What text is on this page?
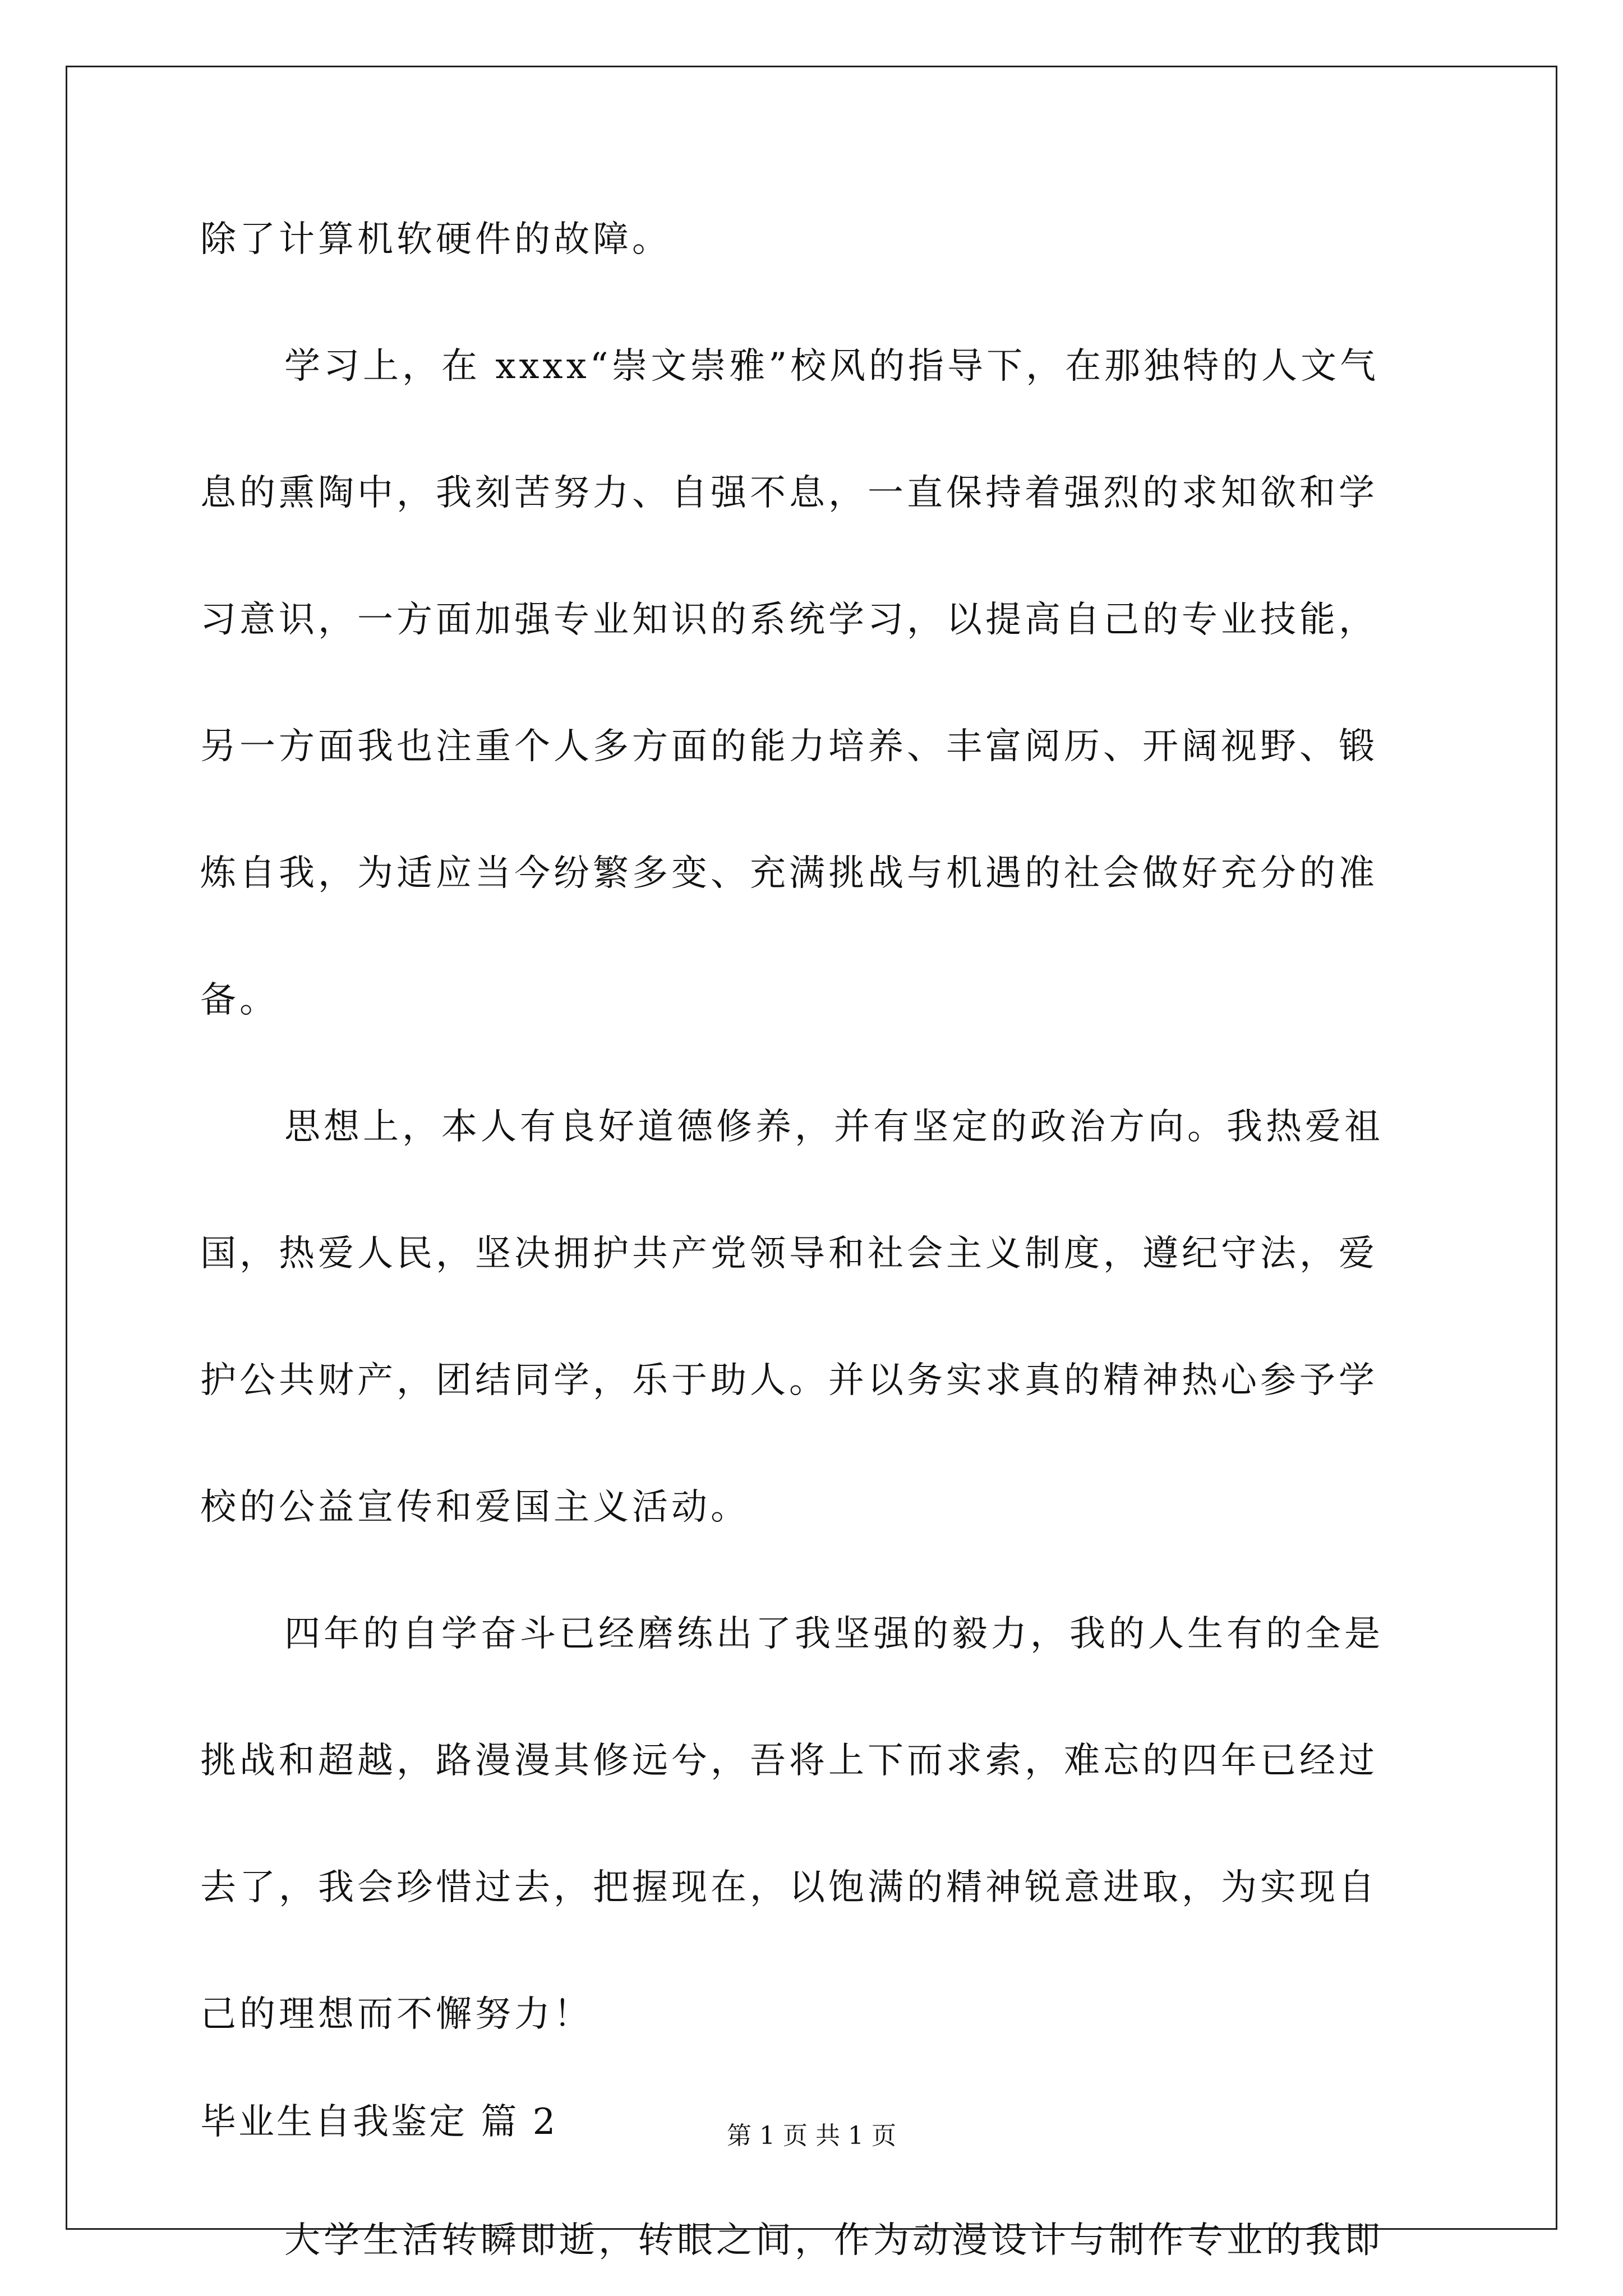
除了计算机软硬件的故障。
学习上，在 xxxx“崇文崇雅”校风的指导下，在那独特的人文气
息的熏陶中，我刻苦努力、自强不息，一直保持着强烈的求知欲和学
习意识，一方面加强专业知识的系统学习，以提高自己的专业技能，
另一方面我也注重个人多方面的能力培养、丰富阅历、开阔视野、锻
炼自我，为适应当今纷繁多变、充满挑战与机遇的社会做好充分的准
备。
思想上，本人有良好道德修养，并有坚定的政治方向。我热爱祖
国，热爱人民，坚决拥护共产党领导和社会主义制度，遵纪守法，爱
护公共财产，团结同学，乐于助人。并以务实求真的精神热心参予学
校的公益宣传和爱国主义活动。
四年的自学奋斗已经磨练出了我坚强的毅力，我的人生有的全是
挑战和超越，路漫漫其修远兮，吾将上下而求索，难忘的四年已经过
去了，我会珍惜过去，把握现在，以饱满的精神锐意进取，为实现自
己的理想而不懈努力！
毕业生自我鉴定 篇 2
大学生活转瞬即逝，转眼之间，作为动漫设计与制作专业的我即
第 1 页 共 1 页
